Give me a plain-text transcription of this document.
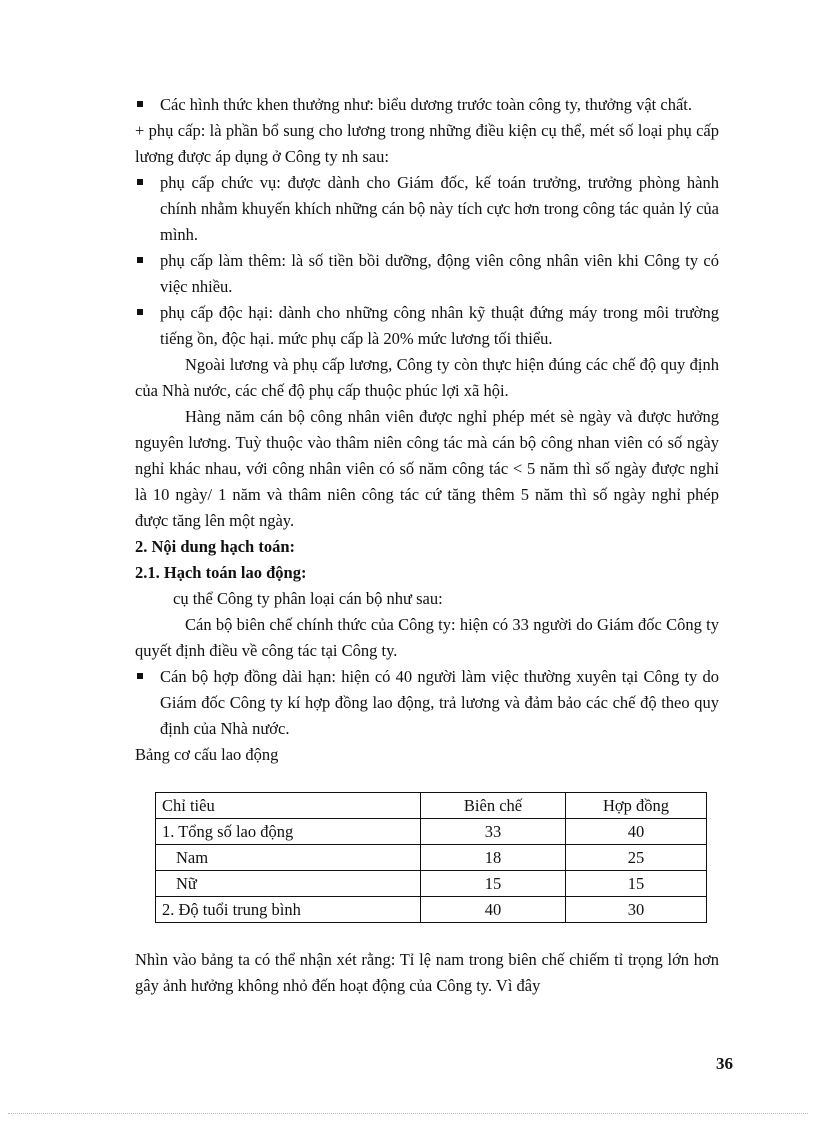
Các hình thức khen thưởng như: biểu dương trước toàn công ty, thưởng vật chất.

+ phụ cấp: là phần bổ sung cho lương trong những điều kiện cụ thể, mét số loại phụ cấp lương được áp dụng ở Công ty nh sau:

phụ cấp chức vụ: được dành cho Giám đốc, kế toán trưởng, trưởng phòng hành chính nhằm khuyến khích những cán bộ này tích cực hơn trong công tác quản lý của mình.

phụ cấp làm thêm: là số tiền bồi dưỡng, động viên công nhân viên khi Công ty có việc nhiều.

phụ cấp độc hại: dành cho những công nhân kỹ thuật đứng máy trong môi trường tiếng ồn, độc hại. mức phụ cấp là 20% mức lương tối thiểu.

Ngoài lương và phụ cấp lương, Công ty còn thực hiện đúng các chế độ quy định của Nhà nước, các chế độ phụ cấp thuộc phúc lợi xã hội.

Hàng năm cán bộ công nhân viên được nghỉ phép mét sè ngày và được hưởng nguyên lương. Tuỳ thuộc vào thâm niên công tác mà cán bộ công nhan viên có số ngày nghỉ khác nhau, với công nhân viên có số năm công tác < 5 năm thì số ngày được nghỉ là 10 ngày/ 1 năm và thâm niên công tác cứ tăng thêm 5 năm thì số ngày nghỉ phép được tăng lên một ngày.

2. Nội dung hạch toán:

2.1. Hạch toán lao động:

cụ thể Công ty phân loại cán bộ như sau:

Cán bộ biên chế chính thức của Công ty: hiện có 33 người do Giám đốc Công ty quyết định điều về công tác tại Công ty.

Cán bộ hợp đồng dài hạn: hiện có 40 người làm việc thường xuyên tại Công ty do Giám đốc Công ty kí hợp đồng lao động, trả lương và đảm bảo các chế độ theo quy định của Nhà nước.

Bảng cơ cấu lao động

Chỉ tiêu	Biên chế	Hợp đồng
1. Tổng số lao động	33	40
Nam	18	25
Nữ	15	15
2. Độ tuổi trung bình	40	30

Nhìn vào bảng ta có thể nhận xét rằng: Tỉ lệ nam trong biên chế chiếm tỉ trọng lớn hơn gây ảnh hưởng không nhỏ đến hoạt động của Công ty. Vì đây

36
